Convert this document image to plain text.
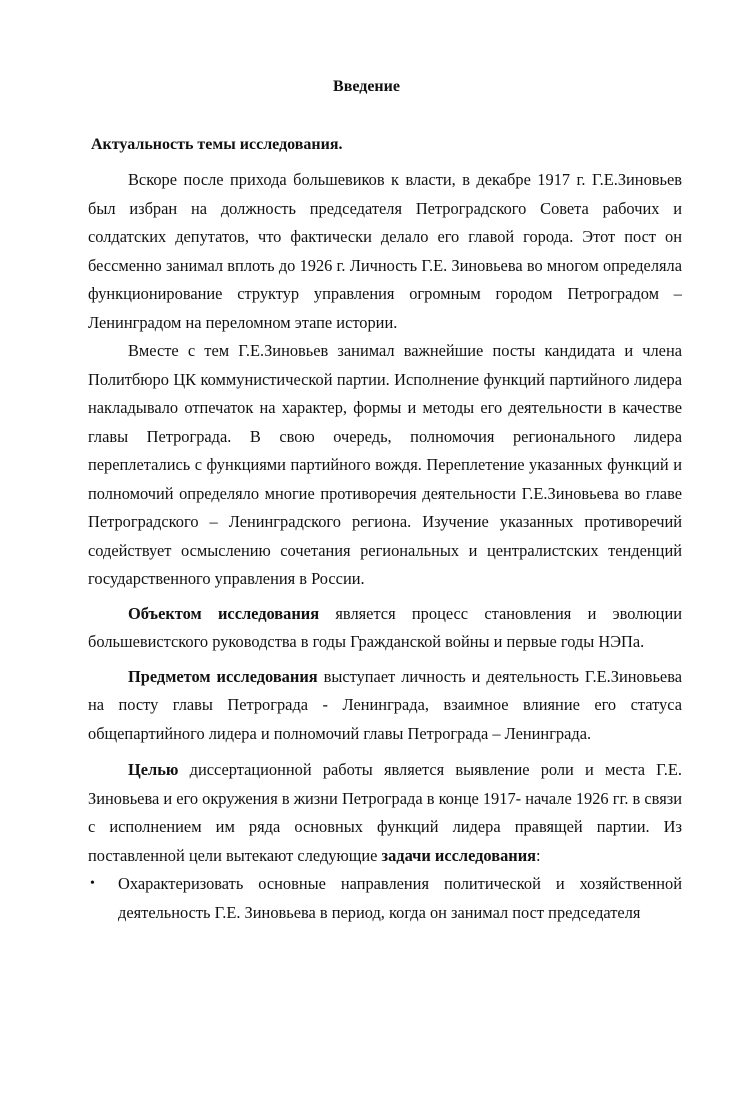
Введение
Актуальность темы исследования.

Вскоре после прихода большевиков к власти, в декабре 1917 г. Г.Е.Зиновьев был избран на должность председателя Петроградского Совета рабочих и солдатских депутатов, что фактически делало его главой города. Этот пост он бессменно занимал вплоть до 1926 г. Личность Г.Е. Зиновьева во многом определяла функционирование структур управления огромным городом Петроградом – Ленинградом на переломном этапе истории.

Вместе с тем Г.Е.Зиновьев занимал важнейшие посты кандидата и члена Политбюро ЦК коммунистической партии. Исполнение функций партийного лидера накладывало отпечаток на характер, формы и методы его деятельности в качестве главы Петрограда. В свою очередь, полномочия регионального лидера переплетались с функциями партийного вождя. Переплетение указанных функций и полномочий определяло многие противоречия деятельности Г.Е.Зиновьева во главе Петроградского – Ленинградского региона. Изучение указанных противоречий содействует осмыслению сочетания региональных и централистских тенденций государственного управления в России.

Объектом исследования является процесс становления и эволюции большевистского руководства в годы Гражданской войны и первые годы НЭПа.

Предметом исследования выступает личность и деятельность Г.Е.Зиновьева на посту главы Петрограда - Ленинграда, взаимное влияние его статуса общепартийного лидера и полномочий главы Петрограда – Ленинграда.

Целью диссертационной работы является выявление роли и места Г.Е. Зиновьева и его окружения в жизни Петрограда в конце 1917- начале 1926 гг. в связи с исполнением им ряда основных функций лидера правящей партии. Из поставленной цели вытекают следующие задачи исследования:

• Охарактеризовать основные направления политической и хозяйственной деятельность Г.Е. Зиновьева в период, когда он занимал пост председателя
